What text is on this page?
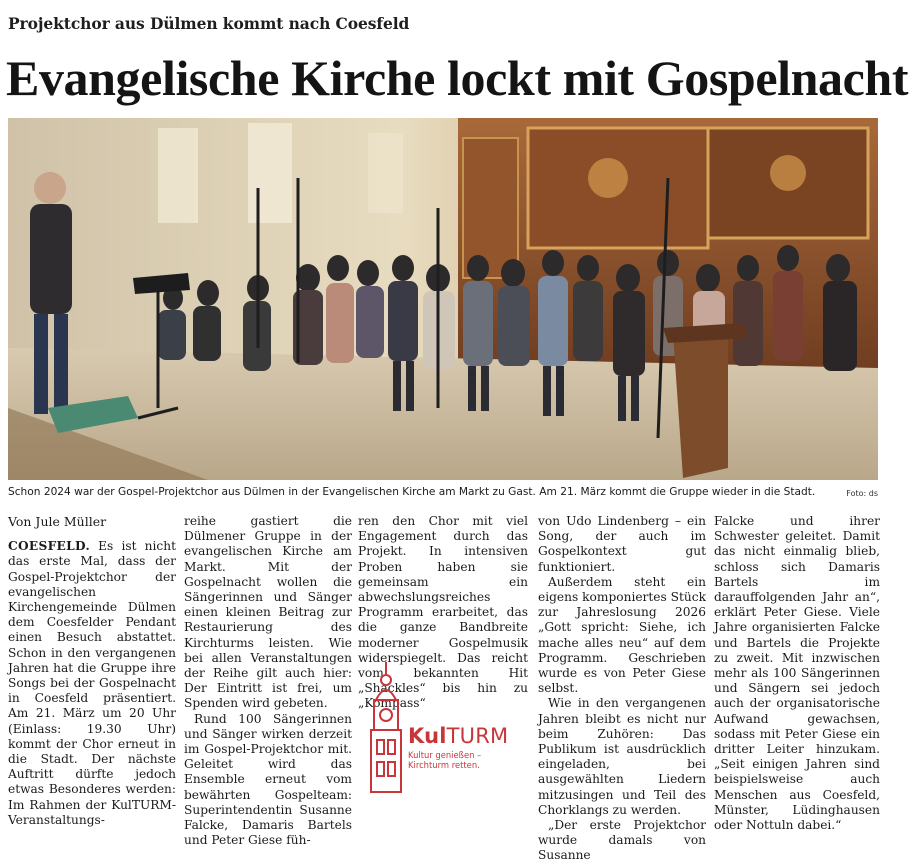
Projektchor aus Dülmen kommt nach Coesfeld
Evangelische Kirche lockt mit Gospelnacht
Schon 2024 war der Gospel-Projektchor aus Dülmen in der Evangelischen Kirche am Markt zu Gast. Am 21. März kommt die Gruppe wieder in die Stadt.	Foto: ds
Von Jule Müller

COESFELD. Es ist nicht das erste Mal, dass der Gospel-Projektchor der evangelischen Kirchengemeinde Dülmen dem Coesfelder Pendant einen Besuch abstattet. Schon in den vergangenen Jahren hat die Gruppe ihre Songs bei der Gospelnacht in Coesfeld präsentiert. Am 21. März um 20 Uhr (Einlass: 19.30 Uhr) kommt der Chor erneut in die Stadt. Der nächste Auftritt dürfte jedoch etwas Besonderes werden: Im Rahmen der KulTURM-Veranstaltungs-

reihe gastiert die Dülmener Gruppe in der evangelischen Kirche am Markt. Mit der Gospelnacht wollen die Sängerinnen und Sänger einen kleinen Beitrag zur Restaurierung des Kirchturms leisten. Wie bei allen Veranstaltungen der Reihe gilt auch hier: Der Eintritt ist frei, um Spenden wird gebeten.

Rund 100 Sängerinnen und Sänger wirken derzeit im Gospel-Projektchor mit. Geleitet wird das Ensemble erneut vom bewährten Gospelteam: Superintendentin Susanne Falcke, Damaris Bartels und Peter Giese füh-

ren den Chor mit viel Engagement durch das Projekt. In intensiven Proben haben sie gemeinsam ein abwechslungsreiches Programm erarbeitet, das die ganze Bandbreite moderner Gospelmusik widerspiegelt. Das reicht vom bekannten Hit „Shackles“ bis hin zu „Kompass“

KulTURM
Kultur genießen –
Kirchturm retten.

von Udo Lindenberg – ein Song, der auch im Gospelkontext gut funktioniert.

Außerdem steht ein eigens komponiertes Stück zur Jahreslosung 2026 „Gott spricht: Siehe, ich mache alles neu“ auf dem Programm. Geschrieben wurde es von Peter Giese selbst.

Wie in den vergangenen Jahren bleibt es nicht nur beim Zuhören: Das Publikum ist ausdrücklich eingeladen, bei ausgewählten Liedern mitzusingen und Teil des Chorklangs zu werden.

„Der erste Projektchor wurde damals von Susanne

Falcke und ihrer Schwester geleitet. Damit das nicht einmalig blieb, schloss sich Damaris Bartels im darauffolgenden Jahr an“, erklärt Peter Giese. Viele Jahre organisierten Falcke und Bartels die Projekte zu zweit. Mit inzwischen mehr als 100 Sängerinnen und Sängern sei jedoch auch der organisatorische Aufwand gewachsen, sodass mit Peter Giese ein dritter Leiter hinzukam. „Seit einigen Jahren sind beispielsweise auch Menschen aus Coesfeld, Münster, Lüdinghausen oder Nottuln dabei.“
